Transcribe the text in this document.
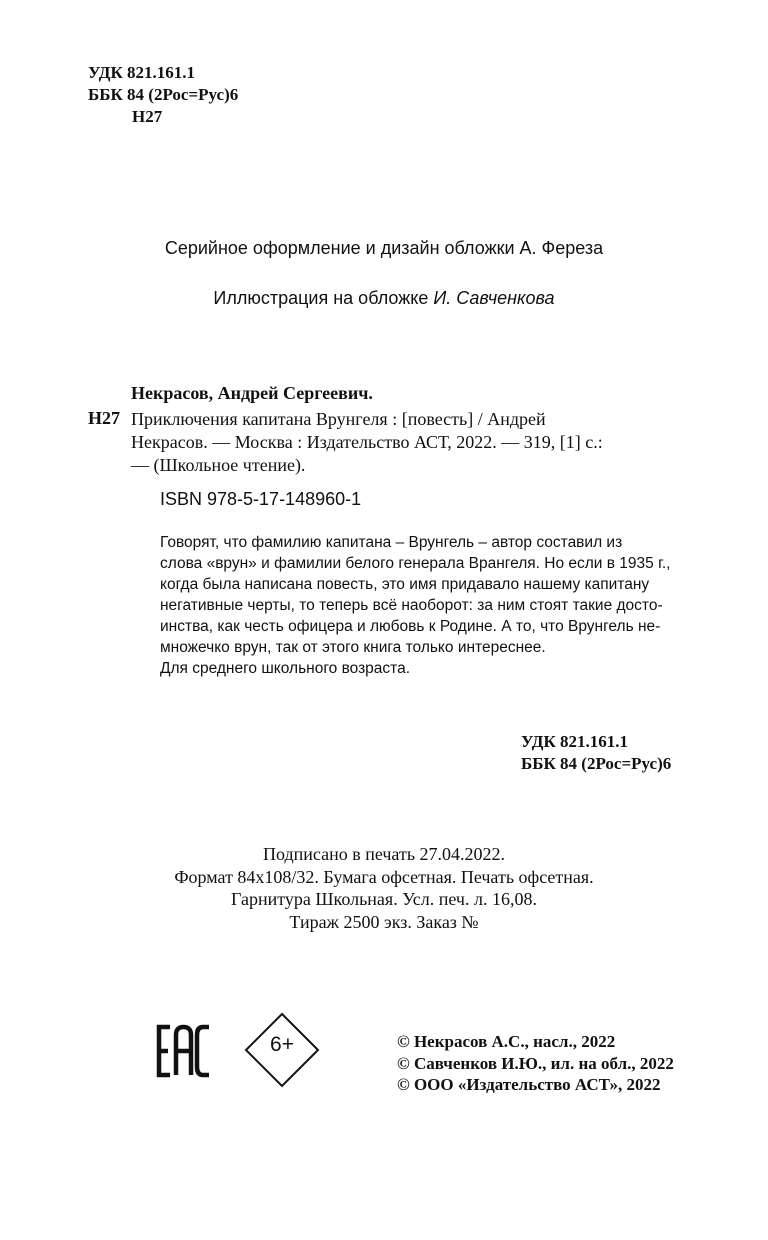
УДК 821.161.1
ББК 84 (2Рос=Рус)6
Н27
Серийное оформление и дизайн обложки А. Фереза
Иллюстрация на обложке И. Савченкова
Некрасов, Андрей Сергеевич.
Н27 Приключения капитана Врунгеля : [повесть] / Андрей
Некрасов. — Москва : Издательство АСТ, 2022. — 319, [1] с.:
— (Школьное чтение).
ISBN 978-5-17-148960-1
Говорят, что фамилию капитана – Врунгель – автор составил из
слова «врун» и фамилии белого генерала Врангеля. Но если в 1935 г.,
когда была написана повесть, это имя придавало нашему капитану
негативные черты, то теперь всё наоборот: за ним стоят такие досто-
инства, как честь офицера и любовь к Родине. А то, что Врунгель не-
множечко врун, так от этого книга только интереснее.
Для среднего школьного возраста.
УДК 821.161.1
ББК 84 (2Рос=Рус)6
Подписано в печать 27.04.2022.
Формат 84х108/32. Бумага офсетная. Печать офсетная.
Гарнитура Школьная. Усл. печ. л. 16,08.
Тираж 2500 экз. Заказ №
6+	© Некрасов А.С., насл., 2022
© Савченков И.Ю., ил. на обл., 2022
© ООО «Издательство АСТ», 2022
